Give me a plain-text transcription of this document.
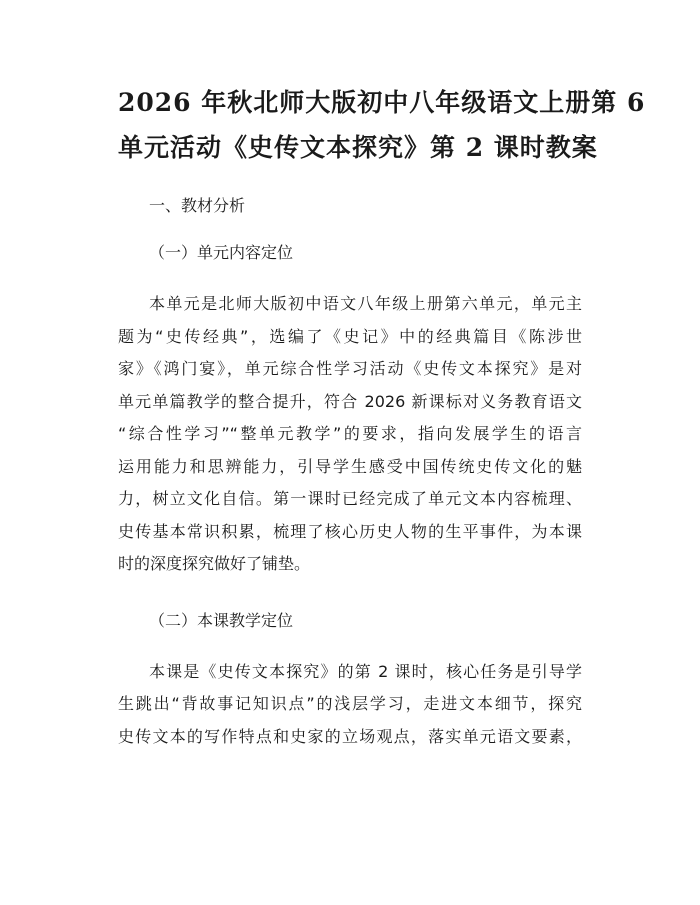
2026 年秋北师大版初中八年级语文上册第 6
单元活动《史传文本探究》第 2 课时教案

一、教材分析

（一）单元内容定位

本单元是北师大版初中语文八年级上册第六单元，单元主
题为“史传经典”，选编了《史记》中的经典篇目《陈涉世
家》《鸿门宴》，单元综合性学习活动《史传文本探究》是对
单元单篇教学的整合提升，符合 2026 新课标对义务教育语文
“综合性学习”“整单元教学”的要求，指向发展学生的语言
运用能力和思辨能力，引导学生感受中国传统史传文化的魅
力，树立文化自信。第一课时已经完成了单元文本内容梳理、
史传基本常识积累，梳理了核心历史人物的生平事件，为本课
时的深度探究做好了铺垫。

（二）本课教学定位

本课是《史传文本探究》的第 2 课时，核心任务是引导学
生跳出“背故事记知识点”的浅层学习，走进文本细节，探究
史传文本的写作特点和史家的立场观点，落实单元语文要素，
